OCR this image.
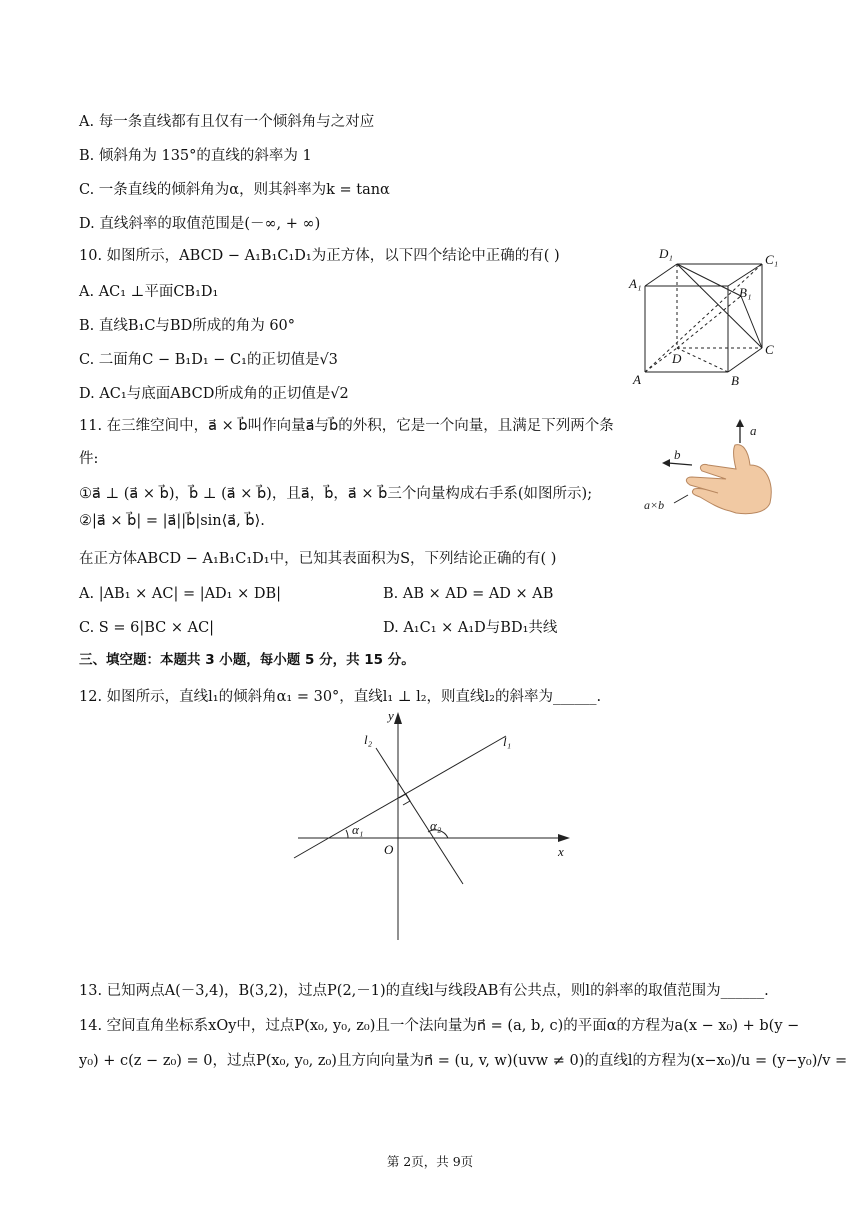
A. 每一条直线都有且仅有一个倾斜角与之对应
B. 倾斜角为 135°的直线的斜率为 1
C. 一条直线的倾斜角为α，则其斜率为k = tanα
D. 直线斜率的取值范围是(－∞, + ∞)
10. 如图所示，ABCD − A₁B₁C₁D₁为正方体，以下四个结论中正确的有( )
A. AC₁ ⊥平面CB₁D₁
B. 直线B₁C与BD所成的角为 60°
C. 二面角C − B₁D₁ − C₁的正切值是√3
D. AC₁与底面ABCD所成角的正切值是√2
D₁	C₁
A₁
B₁
D
C
A	B
11. 在三维空间中，a⃗ × b⃗叫作向量a⃗与b⃗的外积，它是一个向量，且满足下列两个条
件:
①a⃗ ⊥ (a⃗ × b⃗)，b⃗ ⊥ (a⃗ × b⃗)，且a⃗，b⃗，a⃗ × b⃗三个向量构成右手系(如图所示);
②|a⃗ × b⃗| = |a⃗||b⃗|sin⟨a⃗, b⃗⟩.
在正方体ABCD − A₁B₁C₁D₁中，已知其表面积为S，下列结论正确的有( )
A. |AB₁ × AC| = |AD₁ × DB|	B. AB × AD = AD × AB
C. S = 6|BC × AC|	D. A₁C₁ × A₁D与BD₁共线
a
b
a×b
三、填空题：本题共 3 小题，每小题 5 分，共 15 分。
12. 如图所示，直线l₁的倾斜角α₁ = 30°，直线l₁ ⊥ l₂，则直线l₂的斜率为______.
y
x
O
l₁
l₂
α₁	α₂
13. 已知两点A(－3,4)，B(3,2)，过点P(2,－1)的直线l与线段AB有公共点，则l的斜率的取值范围为______.
14. 空间直角坐标系xOy中，过点P(x₀, y₀, z₀)且一个法向量为n⃗ = (a, b, c)的平面α的方程为a(x − x₀) + b(y −
y₀) + c(z − z₀) = 0，过点P(x₀, y₀, z₀)且方向向量为n⃗ = (u, v, w)(uvw ≠ 0)的直线l的方程为(x−x₀)/u = (y−y₀)/v =
第 2页，共 9页
